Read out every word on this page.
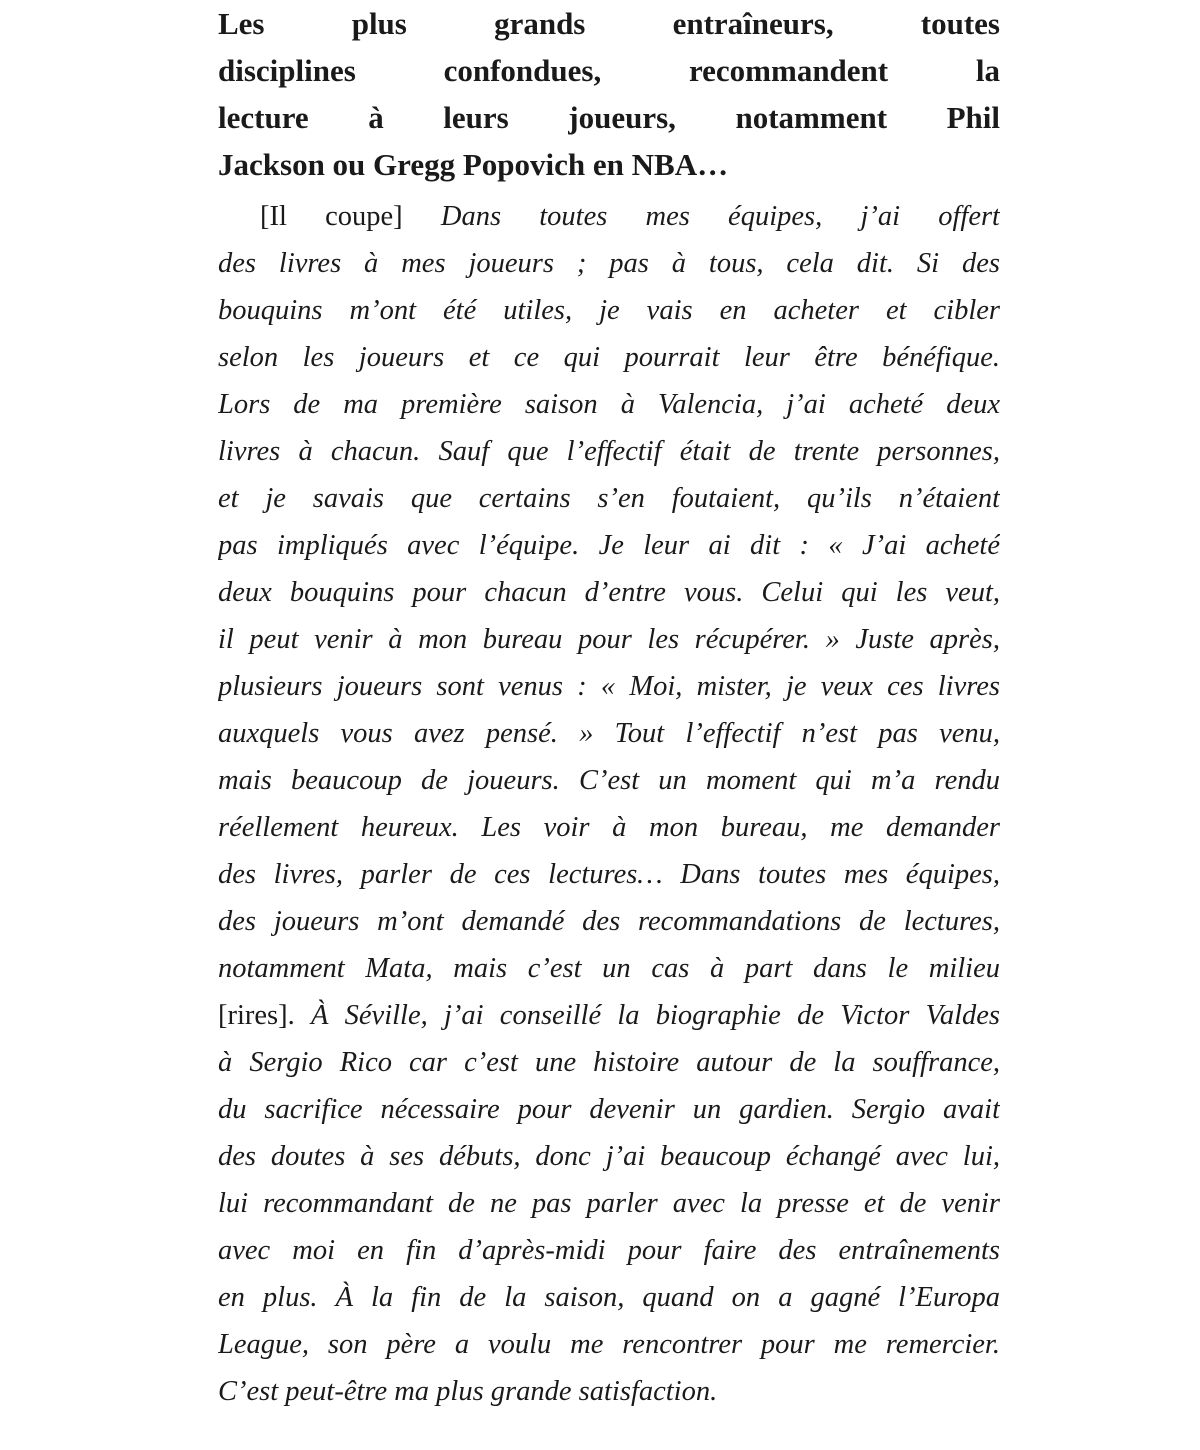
Les plus grands entraîneurs, toutes
disciplines confondues, recommandent la
lecture à leurs joueurs, notamment Phil
Jackson ou Gregg Popovich en NBA…
[Il coupe] Dans toutes mes équipes, j’ai offert
des livres à mes joueurs ; pas à tous, cela dit. Si des
bouquins m’ont été utiles, je vais en acheter et cibler
selon les joueurs et ce qui pourrait leur être bénéfique.
Lors de ma première saison à Valencia, j’ai acheté deux
livres à chacun. Sauf que l’effectif était de trente personnes,
et je savais que certains s’en foutaient, qu’ils n’étaient
pas impliqués avec l’équipe. Je leur ai dit : « J’ai acheté
deux bouquins pour chacun d’entre vous. Celui qui les veut,
il peut venir à mon bureau pour les récupérer. » Juste après,
plusieurs joueurs sont venus : « Moi, mister, je veux ces livres
auxquels vous avez pensé. » Tout l’effectif n’est pas venu,
mais beaucoup de joueurs. C’est un moment qui m’a rendu
réellement heureux. Les voir à mon bureau, me demander
des livres, parler de ces lectures… Dans toutes mes équipes,
des joueurs m’ont demandé des recommandations de lectures,
notamment Mata, mais c’est un cas à part dans le milieu
[rires]. À Séville, j’ai conseillé la biographie de Victor Valdes
à Sergio Rico car c’est une histoire autour de la souffrance,
du sacrifice nécessaire pour devenir un gardien. Sergio avait
des doutes à ses débuts, donc j’ai beaucoup échangé avec lui,
lui recommandant de ne pas parler avec la presse et de venir
avec moi en fin d’après-midi pour faire des entraînements
en plus. À la fin de la saison, quand on a gagné l’Europa
League, son père a voulu me rencontrer pour me remercier.
C’est peut-être ma plus grande satisfaction.
